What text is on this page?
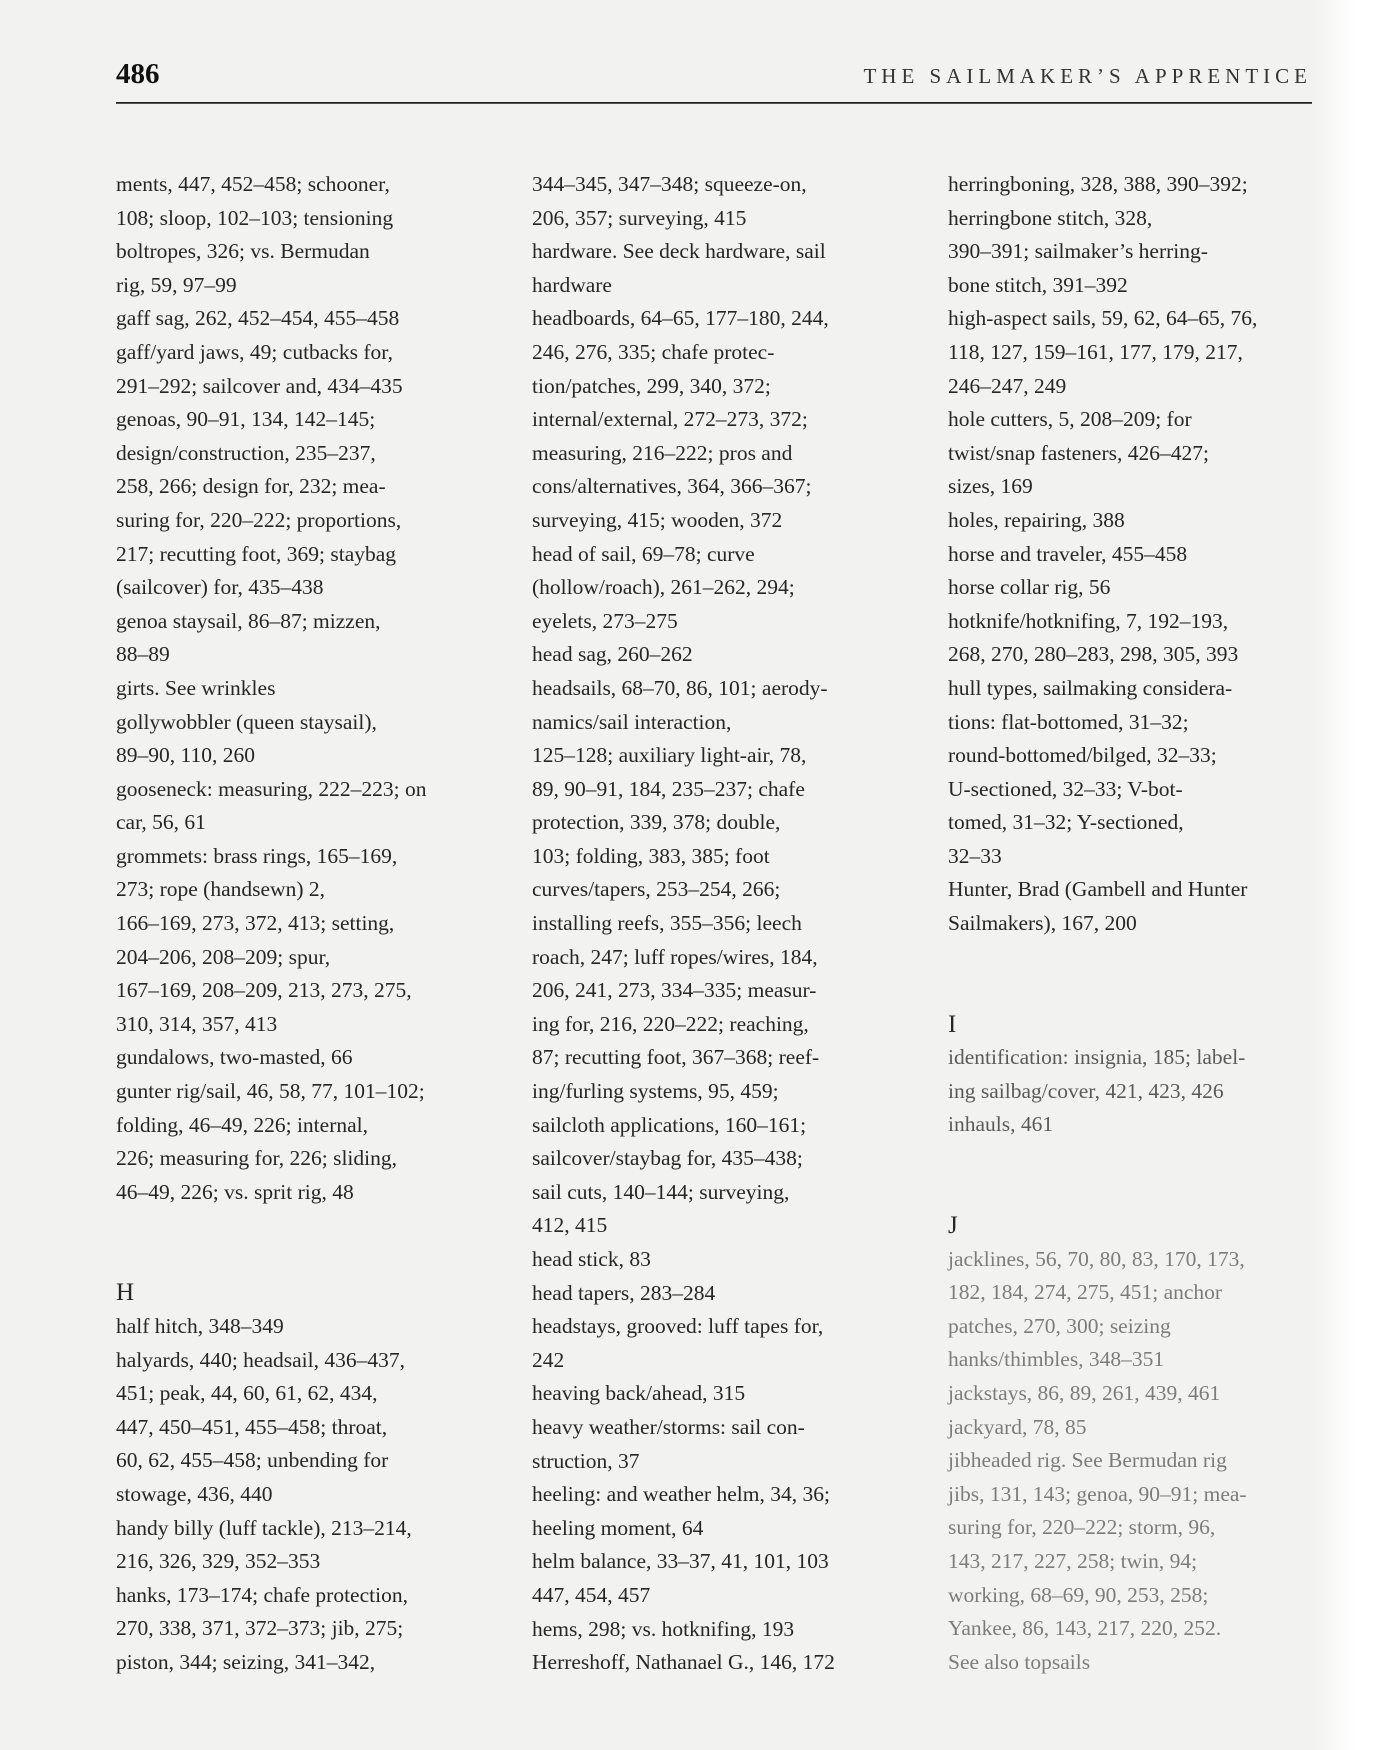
486	THE SAILMAKER’S APPRENTICE
ments, 447, 452–458; schooner,
108; sloop, 102–103; tensioning
boltropes, 326; vs. Bermudan
rig, 59, 97–99
gaff sag, 262, 452–454, 455–458
gaff/yard jaws, 49; cutbacks for,
291–292; sailcover and, 434–435
genoas, 90–91, 134, 142–145;
design/construction, 235–237,
258, 266; design for, 232; mea-
suring for, 220–222; proportions,
217; recutting foot, 369; staybag
(sailcover) for, 435–438
genoa staysail, 86–87; mizzen,
88–89
girts. See wrinkles
gollywobbler (queen staysail),
89–90, 110, 260
gooseneck: measuring, 222–223; on
car, 56, 61
grommets: brass rings, 165–169,
273; rope (handsewn) 2,
166–169, 273, 372, 413; setting,
204–206, 208–209; spur,
167–169, 208–209, 213, 273, 275,
310, 314, 357, 413
gundalows, two-masted, 66
gunter rig/sail, 46, 58, 77, 101–102;
folding, 46–49, 226; internal,
226; measuring for, 226; sliding,
46–49, 226; vs. sprit rig, 48
H
half hitch, 348–349
halyards, 440; headsail, 436–437,
451; peak, 44, 60, 61, 62, 434,
447, 450–451, 455–458; throat,
60, 62, 455–458; unbending for
stowage, 436, 440
handy billy (luff tackle), 213–214,
216, 326, 329, 352–353
hanks, 173–174; chafe protection,
270, 338, 371, 372–373; jib, 275;
piston, 344; seizing, 341–342,
344–345, 347–348; squeeze-on,
206, 357; surveying, 415
hardware. See deck hardware, sail
hardware
headboards, 64–65, 177–180, 244,
246, 276, 335; chafe protec-
tion/patches, 299, 340, 372;
internal/external, 272–273, 372;
measuring, 216–222; pros and
cons/alternatives, 364, 366–367;
surveying, 415; wooden, 372
head of sail, 69–78; curve
(hollow/roach), 261–262, 294;
eyelets, 273–275
head sag, 260–262
headsails, 68–70, 86, 101; aerody-
namics/sail interaction,
125–128; auxiliary light-air, 78,
89, 90–91, 184, 235–237; chafe
protection, 339, 378; double,
103; folding, 383, 385; foot
curves/tapers, 253–254, 266;
installing reefs, 355–356; leech
roach, 247; luff ropes/wires, 184,
206, 241, 273, 334–335; measur-
ing for, 216, 220–222; reaching,
87; recutting foot, 367–368; reef-
ing/furling systems, 95, 459;
sailcloth applications, 160–161;
sailcover/staybag for, 435–438;
sail cuts, 140–144; surveying,
412, 415
head stick, 83
head tapers, 283–284
headstays, grooved: luff tapes for,
242
heaving back/ahead, 315
heavy weather/storms: sail con-
struction, 37
heeling: and weather helm, 34, 36;
heeling moment, 64
helm balance, 33–37, 41, 101, 103
447, 454, 457
hems, 298; vs. hotknifing, 193
Herreshoff, Nathanael G., 146, 172
herringboning, 328, 388, 390–392;
herringbone stitch, 328,
390–391; sailmaker’s herring-
bone stitch, 391–392
high-aspect sails, 59, 62, 64–65, 76,
118, 127, 159–161, 177, 179, 217,
246–247, 249
hole cutters, 5, 208–209; for
twist/snap fasteners, 426–427;
sizes, 169
holes, repairing, 388
horse and traveler, 455–458
horse collar rig, 56
hotknife/hotknifing, 7, 192–193,
268, 270, 280–283, 298, 305, 393
hull types, sailmaking considera-
tions: flat-bottomed, 31–32;
round-bottomed/bilged, 32–33;
U-sectioned, 32–33; V-bot-
tomed, 31–32; Y-sectioned,
32–33
Hunter, Brad (Gambell and Hunter
Sailmakers), 167, 200
I
identification: insignia, 185; label-
ing sailbag/cover, 421, 423, 426
inhauls, 461
J
jacklines, 56, 70, 80, 83, 170, 173,
182, 184, 274, 275, 451; anchor
patches, 270, 300; seizing
hanks/thimbles, 348–351
jackstays, 86, 89, 261, 439, 461
jackyard, 78, 85
jibheaded rig. See Bermudan rig
jibs, 131, 143; genoa, 90–91; mea-
suring for, 220–222; storm, 96,
143, 217, 227, 258; twin, 94;
working, 68–69, 90, 253, 258;
Yankee, 86, 143, 217, 220, 252.
See also topsails
